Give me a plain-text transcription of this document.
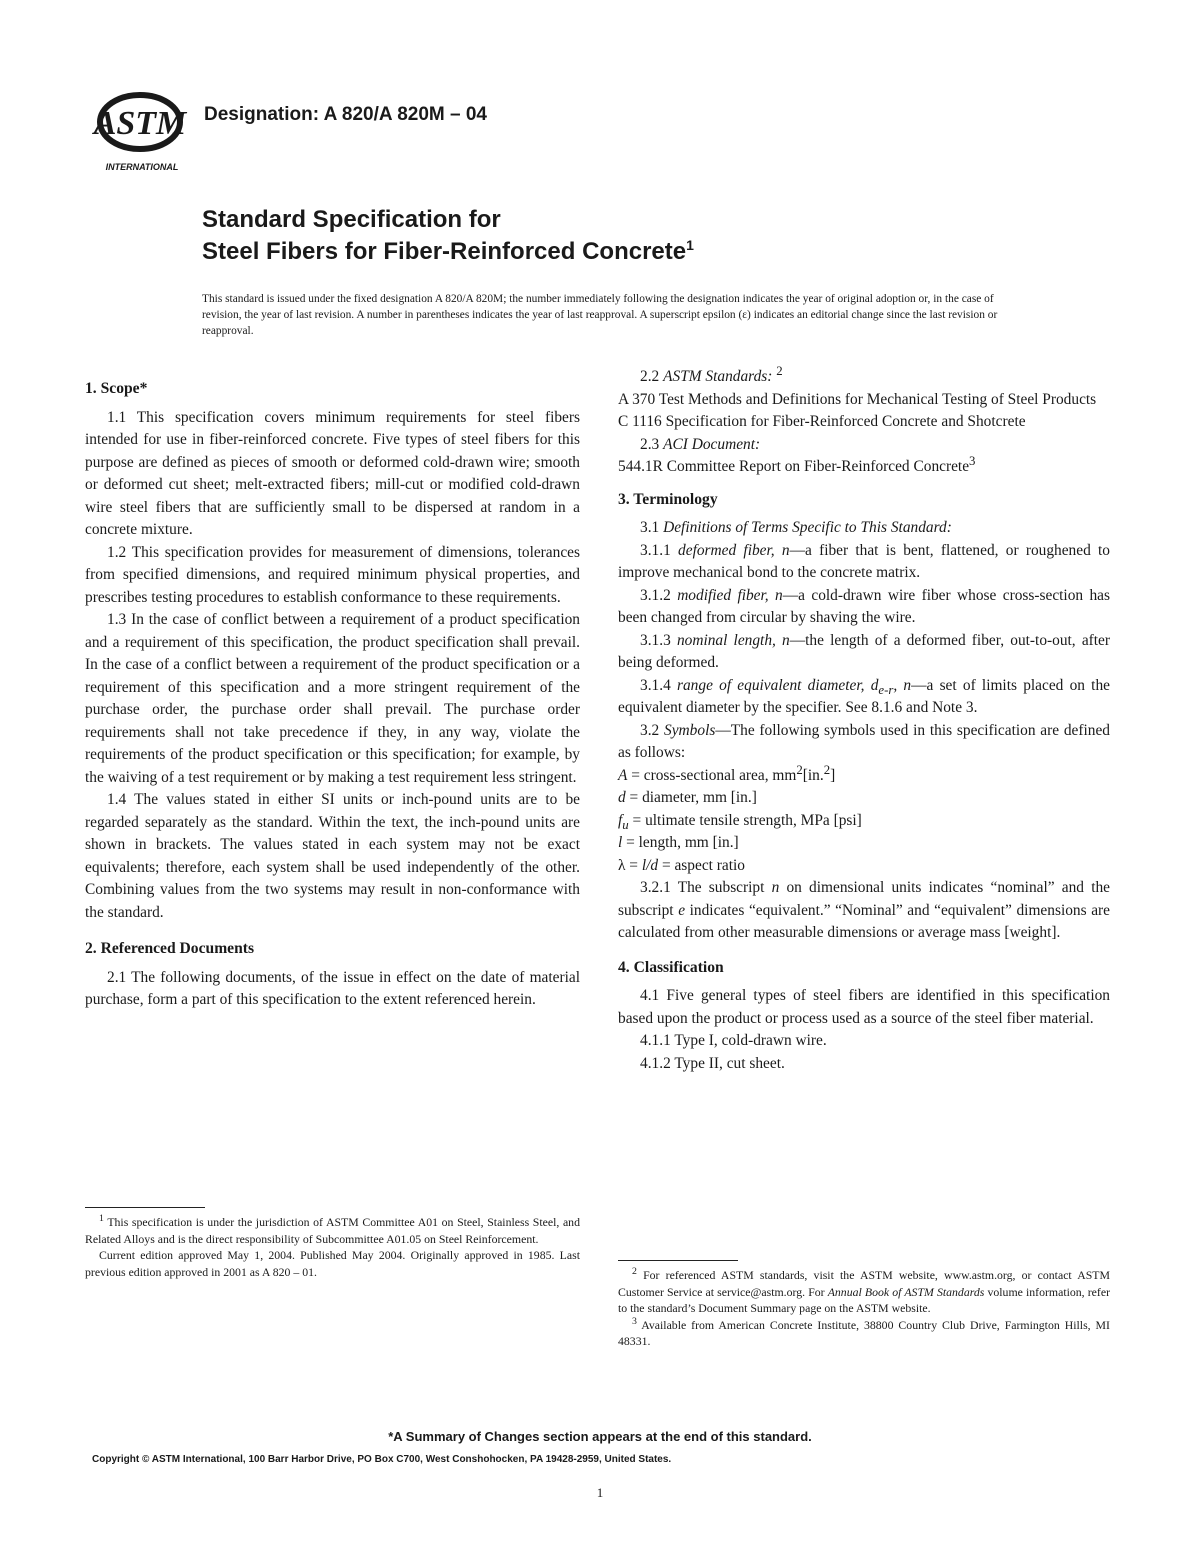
ASTM
INTERNATIONAL
Designation: A 820/A 820M – 04
Standard Specification for
Steel Fibers for Fiber-Reinforced Concrete$^1$
This standard is issued under the fixed designation A 820/A 820M; the number immediately following the designation indicates the year of original adoption or, in the case of revision, the year of last revision. A number in parentheses indicates the year of last reapproval. A superscript epsilon (ε) indicates an editorial change since the last revision or reapproval.

1. Scope*

1.1 This specification covers minimum requirements for steel fibers intended for use in fiber-reinforced concrete. Five types of steel fibers for this purpose are defined as pieces of smooth or deformed cold-drawn wire; smooth or deformed cut sheet; melt-extracted fibers; mill-cut or modified cold-drawn wire steel fibers that are sufficiently small to be dispersed at random in a concrete mixture.

1.2 This specification provides for measurement of dimensions, tolerances from specified dimensions, and required minimum physical properties, and prescribes testing procedures to establish conformance to these requirements.

1.3 In the case of conflict between a requirement of a product specification and a requirement of this specification, the product specification shall prevail. In the case of a conflict between a requirement of the product specification or a requirement of this specification and a more stringent requirement of the purchase order, the purchase order shall prevail. The purchase order requirements shall not take precedence if they, in any way, violate the requirements of the product specification or this specification; for example, by the waiving of a test requirement or by making a test requirement less stringent.

1.4 The values stated in either SI units or inch-pound units are to be regarded separately as the standard. Within the text, the inch-pound units are shown in brackets. The values stated in each system may not be exact equivalents; therefore, each system shall be used independently of the other. Combining values from the two systems may result in non-conformance with the standard.

2. Referenced Documents

2.1 The following documents, of the issue in effect on the date of material purchase, form a part of this specification to the extent referenced herein.

2.2 ASTM Standards: $^2$

A 370 Test Methods and Definitions for Mechanical Testing of Steel Products

C 1116 Specification for Fiber-Reinforced Concrete and Shotcrete

2.3 ACI Document:

544.1R Committee Report on Fiber-Reinforced Concrete$^3$

3. Terminology

3.1 Definitions of Terms Specific to This Standard:

3.1.1 deformed fiber, n—a fiber that is bent, flattened, or roughened to improve mechanical bond to the concrete matrix.

3.1.2 modified fiber, n—a cold-drawn wire fiber whose cross-section has been changed from circular by shaving the wire.

3.1.3 nominal length, n—the length of a deformed fiber, out-to-out, after being deformed.

3.1.4 range of equivalent diameter, $d_{e-r}$, n—a set of limits placed on the equivalent diameter by the specifier. See 8.1.6 and Note 3.

3.2 Symbols—The following symbols used in this specification are defined as follows:

A = cross-sectional area, $mm^2[in.^2]$

d = diameter, mm [in.]

$f_u$ = ultimate tensile strength, MPa [psi]

l = length, mm [in.]

λ = l/d = aspect ratio

3.2.1 The subscript n on dimensional units indicates “nominal” and the subscript e indicates “equivalent.” “Nominal” and “equivalent” dimensions are calculated from other measurable dimensions or average mass [weight].

4. Classification

4.1 Five general types of steel fibers are identified in this specification based upon the product or process used as a source of the steel fiber material.

4.1.1 Type I, cold-drawn wire.

4.1.2 Type II, cut sheet.

$^1$ This specification is under the jurisdiction of ASTM Committee A01 on Steel, Stainless Steel, and Related Alloys and is the direct responsibility of Subcommittee A01.05 on Steel Reinforcement.

Current edition approved May 1, 2004. Published May 2004. Originally approved in 1985. Last previous edition approved in 2001 as A 820 – 01.	$^2$ For referenced ASTM standards, visit the ASTM website, www.astm.org, or contact ASTM Customer Service at service@astm.org. For Annual Book of ASTM Standards volume information, refer to the standard’s Document Summary page on the ASTM website.

$^3$ Available from American Concrete Institute, 38800 Country Club Drive, Farmington Hills, MI 48331.

*A Summary of Changes section appears at the end of this standard.
Copyright © ASTM International, 100 Barr Harbor Drive, PO Box C700, West Conshohocken, PA 19428-2959, United States.
1
